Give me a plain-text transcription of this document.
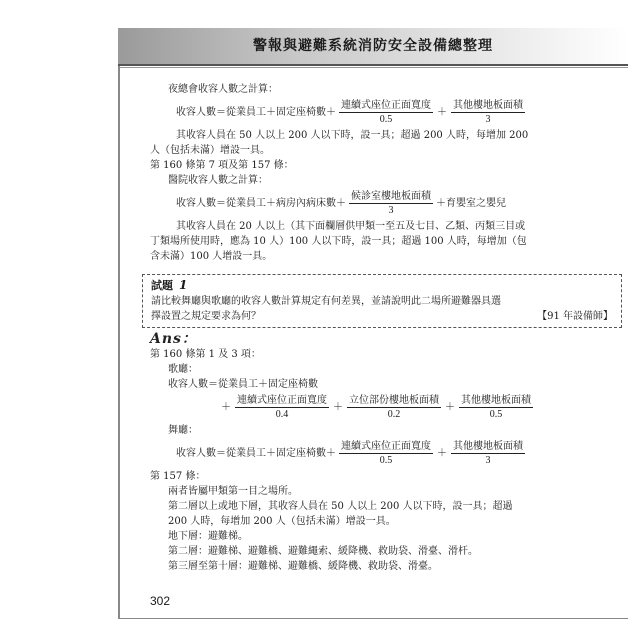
警報與避難系統消防安全設備總整理
夜總會收容人數之計算：
收容人數＝從業員工＋固定座椅數＋ $\frac{\text{連續式座位正面寬度}}{0.5} + \frac{\text{其他樓地板面積}}{3}$
其收容人員在 50 人以上 200 人以下時，設一具；超過 200 人時，每增加 200
人（包括未滿）增設一具。
第 160 條第 7 項及第 157 條：
醫院收容人數之計算：
收容人數＝從業員工＋病房內病床數＋ $\frac{\text{候診室樓地板面積}}{3}$ ＋育嬰室之嬰兒
其收容人員在 20 人以上（其下面欄層供甲類一至五及七目、乙類、丙類三目或
丁類場所使用時，應為 10 人）100 人以下時，設一具；超過 100 人時，每增加（包
含未滿）100 人增設一具。
試題 1
請比較舞廳與歌廳的收容人數計算規定有何差異，並請說明此二場所避難器具選
擇設置之規定要求為何？	【91 年設備師】
Ans：
第 160 條第 1 及 3 項：
歌廳：
收容人數＝從業員工＋固定座椅數
＋ $\frac{\text{連續式座位正面寬度}}{0.4} + \frac{\text{立位部份樓地板面積}}{0.2} + \frac{\text{其他樓地板面積}}{0.5}$
舞廳：
收容人數＝從業員工＋固定座椅數＋ $\frac{\text{連續式座位正面寬度}}{0.5} + \frac{\text{其他樓地板面積}}{3}$
第 157 條：
兩者皆屬甲類第一目之場所。
第二層以上或地下層，其收容人員在 50 人以上 200 人以下時，設一具；超過
200 人時，每增加 200 人（包括未滿）增設一具。
地下層：避難梯。
第二層：避難梯、避難橋、避難繩索、緩降機、救助袋、滑臺、滑杆。
第三層至第十層：避難梯、避難橋、緩降機、救助袋、滑臺。
302
